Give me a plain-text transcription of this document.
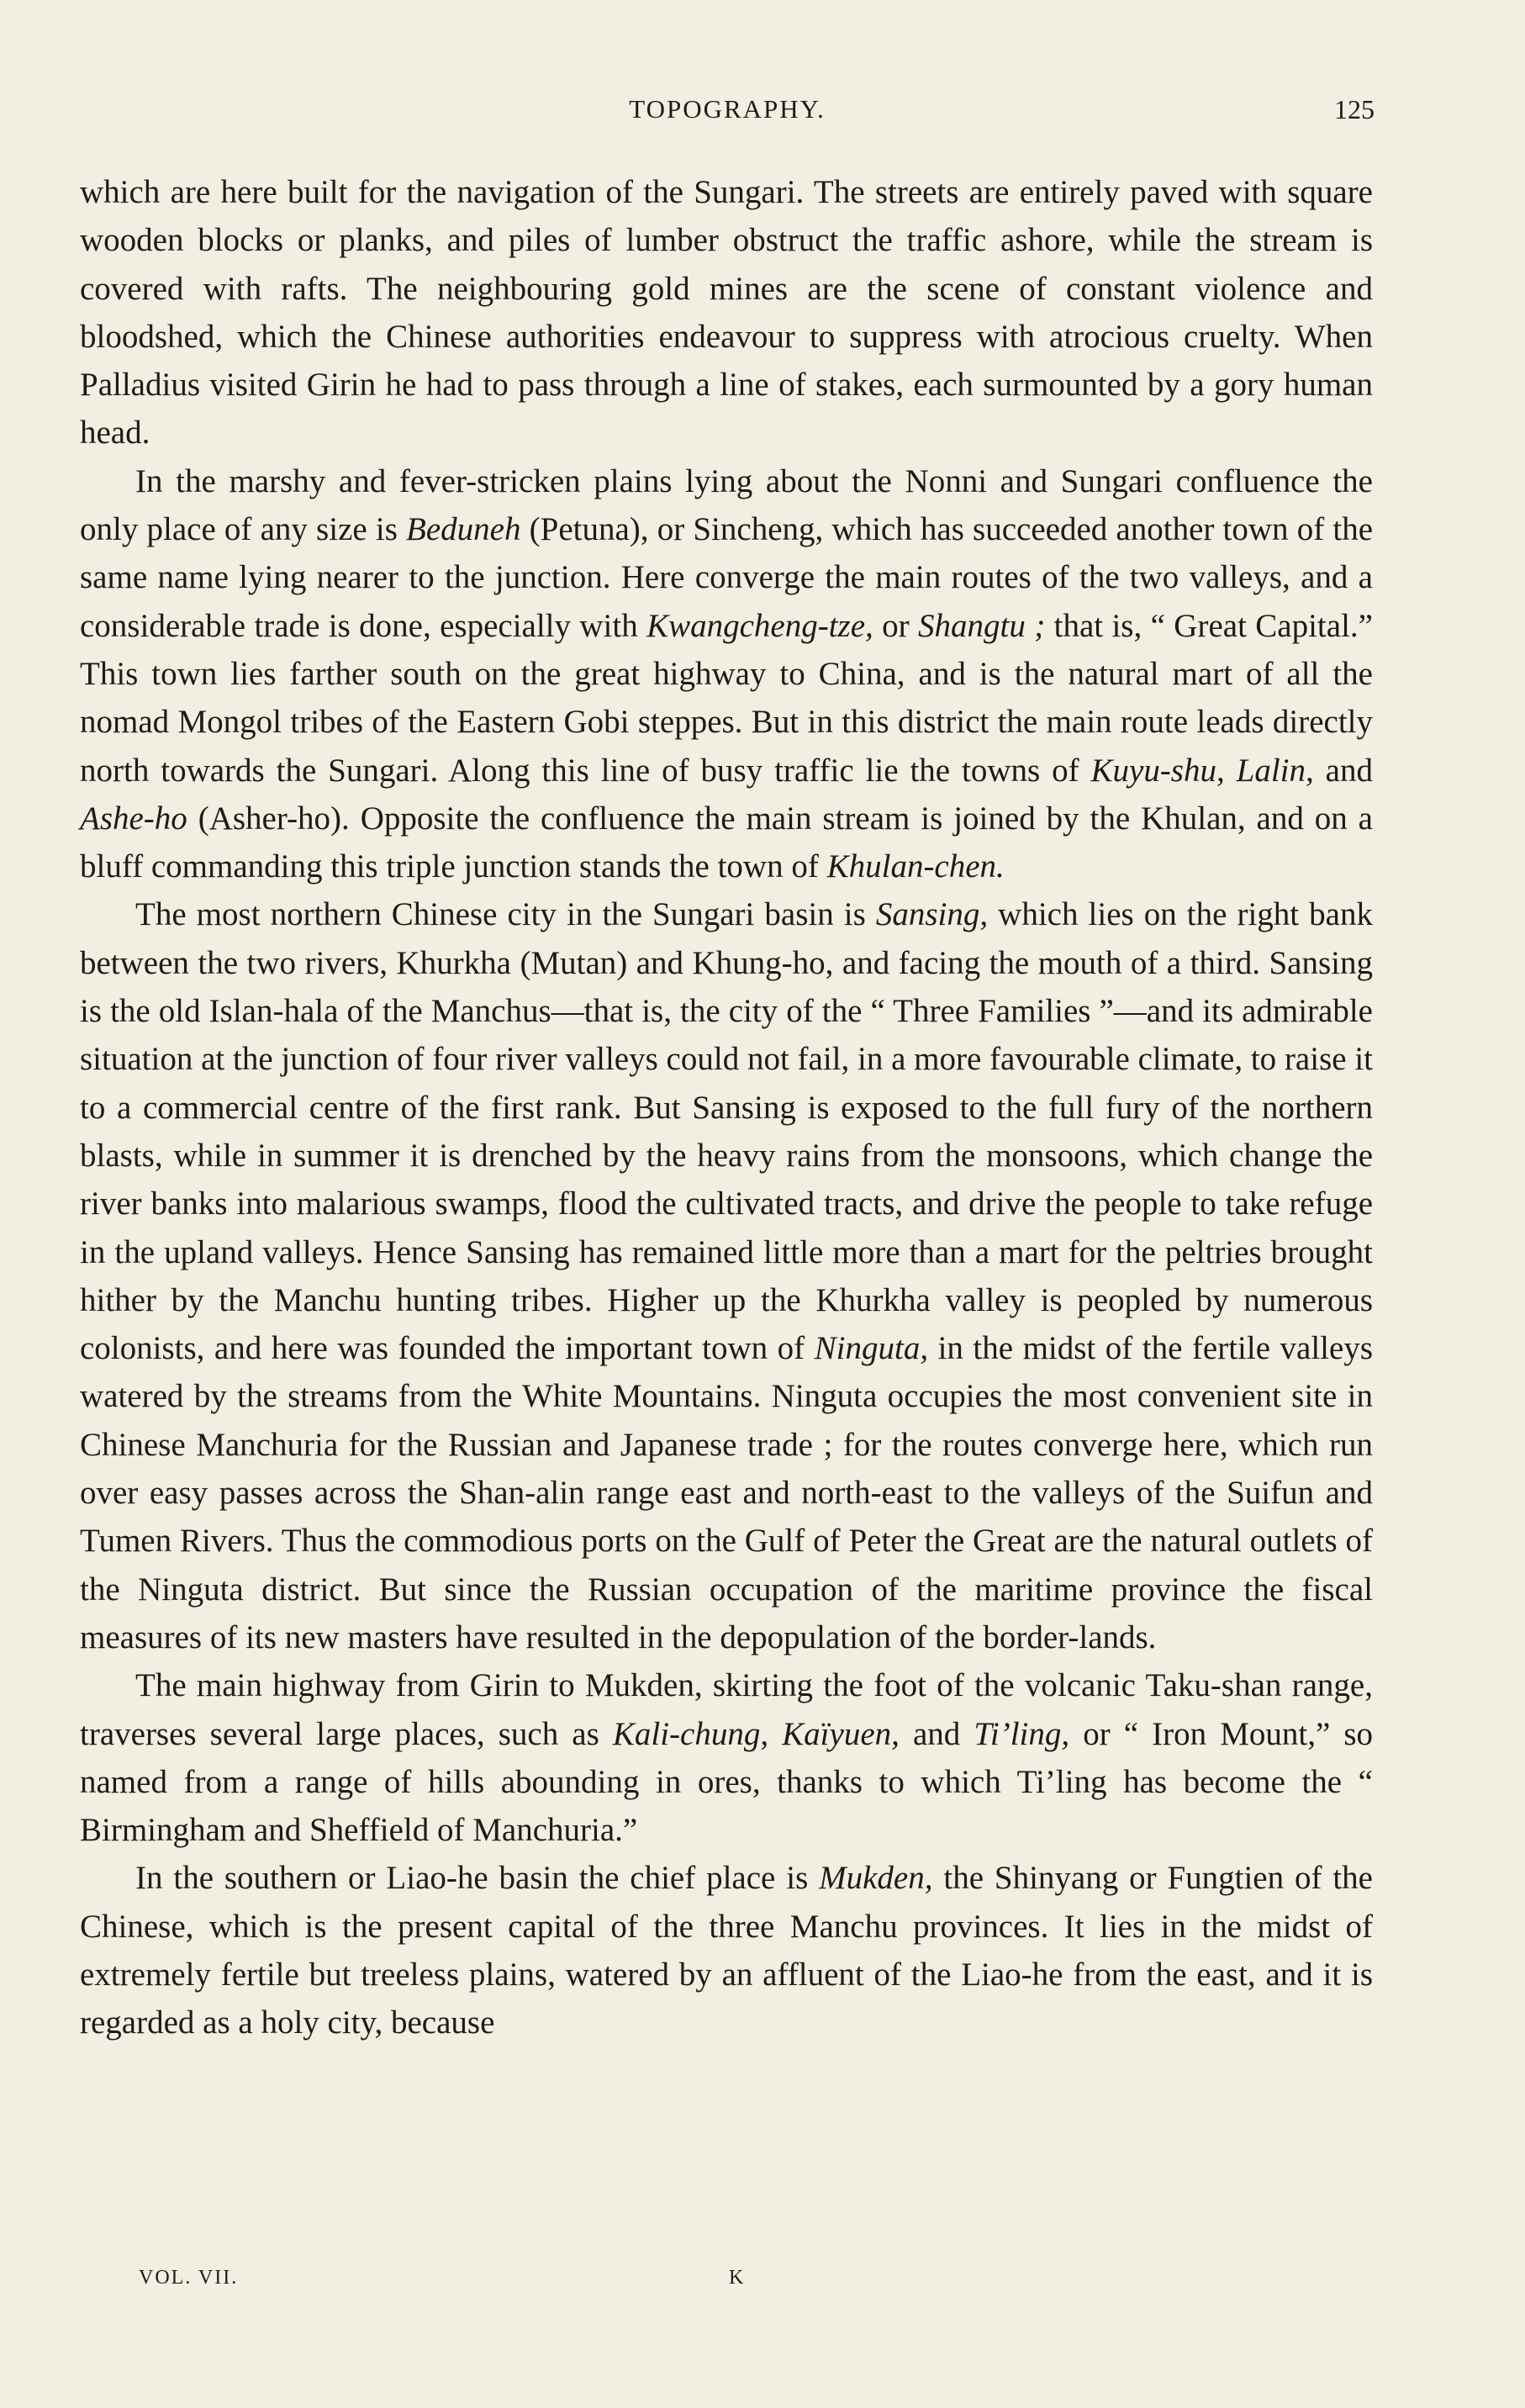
TOPOGRAPHY.	125

which are here built for the navigation of the Sungari. The streets are entirely paved with square wooden blocks or planks, and piles of lumber obstruct the traffic ashore, while the stream is covered with rafts. The neighbouring gold mines are the scene of constant violence and bloodshed, which the Chinese authorities endeavour to suppress with atrocious cruelty. When Palladius visited Girin he had to pass through a line of stakes, each surmounted by a gory human head.

In the marshy and fever-stricken plains lying about the Nonni and Sungari confluence the only place of any size is Beduneh (Petuna), or Sincheng, which has succeeded another town of the same name lying nearer to the junction. Here converge the main routes of the two valleys, and a considerable trade is done, especially with Kwangcheng-tze, or Shangtu ; that is, “ Great Capital.” This town lies farther south on the great highway to China, and is the natural mart of all the nomad Mongol tribes of the Eastern Gobi steppes. But in this district the main route leads directly north towards the Sungari. Along this line of busy traffic lie the towns of Kuyu-shu, Lalin, and Ashe-ho (Asher-ho). Opposite the confluence the main stream is joined by the Khulan, and on a bluff commanding this triple junction stands the town of Khulan-chen.

The most northern Chinese city in the Sungari basin is Sansing, which lies on the right bank between the two rivers, Khurkha (Mutan) and Khung-ho, and facing the mouth of a third. Sansing is the old Islan-hala of the Manchus—that is, the city of the “ Three Families ”—and its admirable situation at the junction of four river valleys could not fail, in a more favourable climate, to raise it to a commercial centre of the first rank. But Sansing is exposed to the full fury of the northern blasts, while in summer it is drenched by the heavy rains from the monsoons, which change the river banks into malarious swamps, flood the cultivated tracts, and drive the people to take refuge in the upland valleys. Hence Sansing has remained little more than a mart for the peltries brought hither by the Manchu hunting tribes. Higher up the Khurkha valley is peopled by numerous colonists, and here was founded the important town of Ninguta, in the midst of the fertile valleys watered by the streams from the White Mountains. Ninguta occupies the most convenient site in Chinese Manchuria for the Russian and Japanese trade ; for the routes converge here, which run over easy passes across the Shan-alin range east and north-east to the valleys of the Suifun and Tumen Rivers. Thus the commodious ports on the Gulf of Peter the Great are the natural outlets of the Ninguta district. But since the Russian occupation of the maritime province the fiscal measures of its new masters have resulted in the depopulation of the border-lands.

The main highway from Girin to Mukden, skirting the foot of the volcanic Taku-shan range, traverses several large places, such as Kali-chung, Kaïyuen, and Ti’ling, or “ Iron Mount,” so named from a range of hills abounding in ores, thanks to which Ti’ling has become the “ Birmingham and Sheffield of Manchuria.”

In the southern or Liao-he basin the chief place is Mukden, the Shinyang or Fungtien of the Chinese, which is the present capital of the three Manchu provinces. It lies in the midst of extremely fertile but treeless plains, watered by an affluent of the Liao-he from the east, and it is regarded as a holy city, because

VOL. VII.	K
